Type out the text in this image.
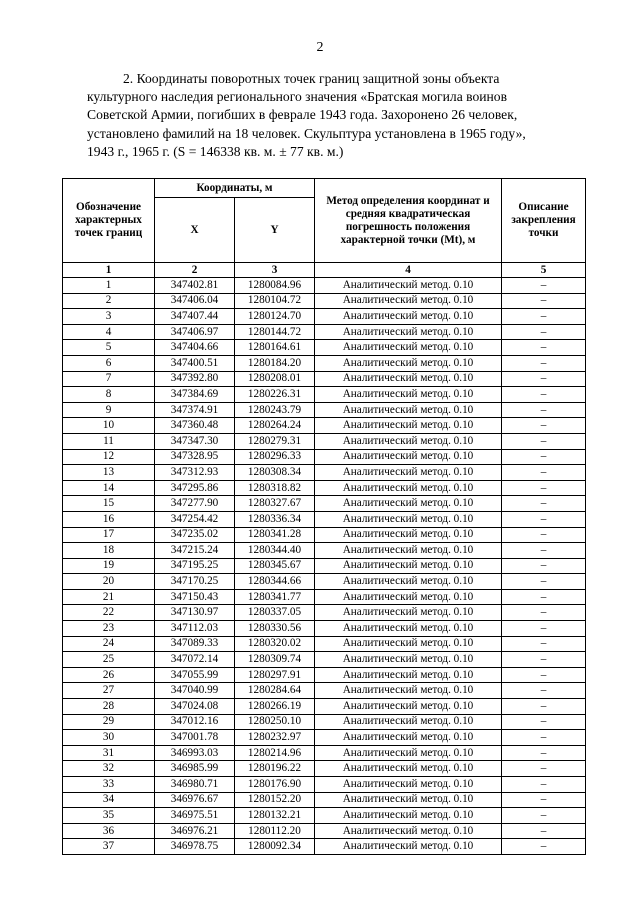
2
2. Координаты поворотных точек границ защитной зоны объекта
культурного наследия регионального значения «Братская могила воинов
Советской Армии, погибших в феврале 1943 года. Захоронено 26 человек,
установлено фамилий на 18 человек. Скульптура установлена в 1965 году»,
1943 г., 1965 г. (S = 146338 кв. м. ± 77 кв. м.)
Обозначение характерных точек границ	Координаты, м		Метод определения координат и средняя квадратическая погрешность положения характерной точки (Mt), м	Описание закрепления точки
	X	Y		
1	2	3	4	5
1	347402.81	1280084.96	Аналитический метод. 0.10	–
2	347406.04	1280104.72	Аналитический метод. 0.10	–
3	347407.44	1280124.70	Аналитический метод. 0.10	–
4	347406.97	1280144.72	Аналитический метод. 0.10	–
5	347404.66	1280164.61	Аналитический метод. 0.10	–
6	347400.51	1280184.20	Аналитический метод. 0.10	–
7	347392.80	1280208.01	Аналитический метод. 0.10	–
8	347384.69	1280226.31	Аналитический метод. 0.10	–
9	347374.91	1280243.79	Аналитический метод. 0.10	–
10	347360.48	1280264.24	Аналитический метод. 0.10	–
11	347347.30	1280279.31	Аналитический метод. 0.10	–
12	347328.95	1280296.33	Аналитический метод. 0.10	–
13	347312.93	1280308.34	Аналитический метод. 0.10	–
14	347295.86	1280318.82	Аналитический метод. 0.10	–
15	347277.90	1280327.67	Аналитический метод. 0.10	–
16	347254.42	1280336.34	Аналитический метод. 0.10	–
17	347235.02	1280341.28	Аналитический метод. 0.10	–
18	347215.24	1280344.40	Аналитический метод. 0.10	–
19	347195.25	1280345.67	Аналитический метод. 0.10	–
20	347170.25	1280344.66	Аналитический метод. 0.10	–
21	347150.43	1280341.77	Аналитический метод. 0.10	–
22	347130.97	1280337.05	Аналитический метод. 0.10	–
23	347112.03	1280330.56	Аналитический метод. 0.10	–
24	347089.33	1280320.02	Аналитический метод. 0.10	–
25	347072.14	1280309.74	Аналитический метод. 0.10	–
26	347055.99	1280297.91	Аналитический метод. 0.10	–
27	347040.99	1280284.64	Аналитический метод. 0.10	–
28	347024.08	1280266.19	Аналитический метод. 0.10	–
29	347012.16	1280250.10	Аналитический метод. 0.10	–
30	347001.78	1280232.97	Аналитический метод. 0.10	–
31	346993.03	1280214.96	Аналитический метод. 0.10	–
32	346985.99	1280196.22	Аналитический метод. 0.10	–
33	346980.71	1280176.90	Аналитический метод. 0.10	–
34	346976.67	1280152.20	Аналитический метод. 0.10	–
35	346975.51	1280132.21	Аналитический метод. 0.10	–
36	346976.21	1280112.20	Аналитический метод. 0.10	–
37	346978.75	1280092.34	Аналитический метод. 0.10	–
